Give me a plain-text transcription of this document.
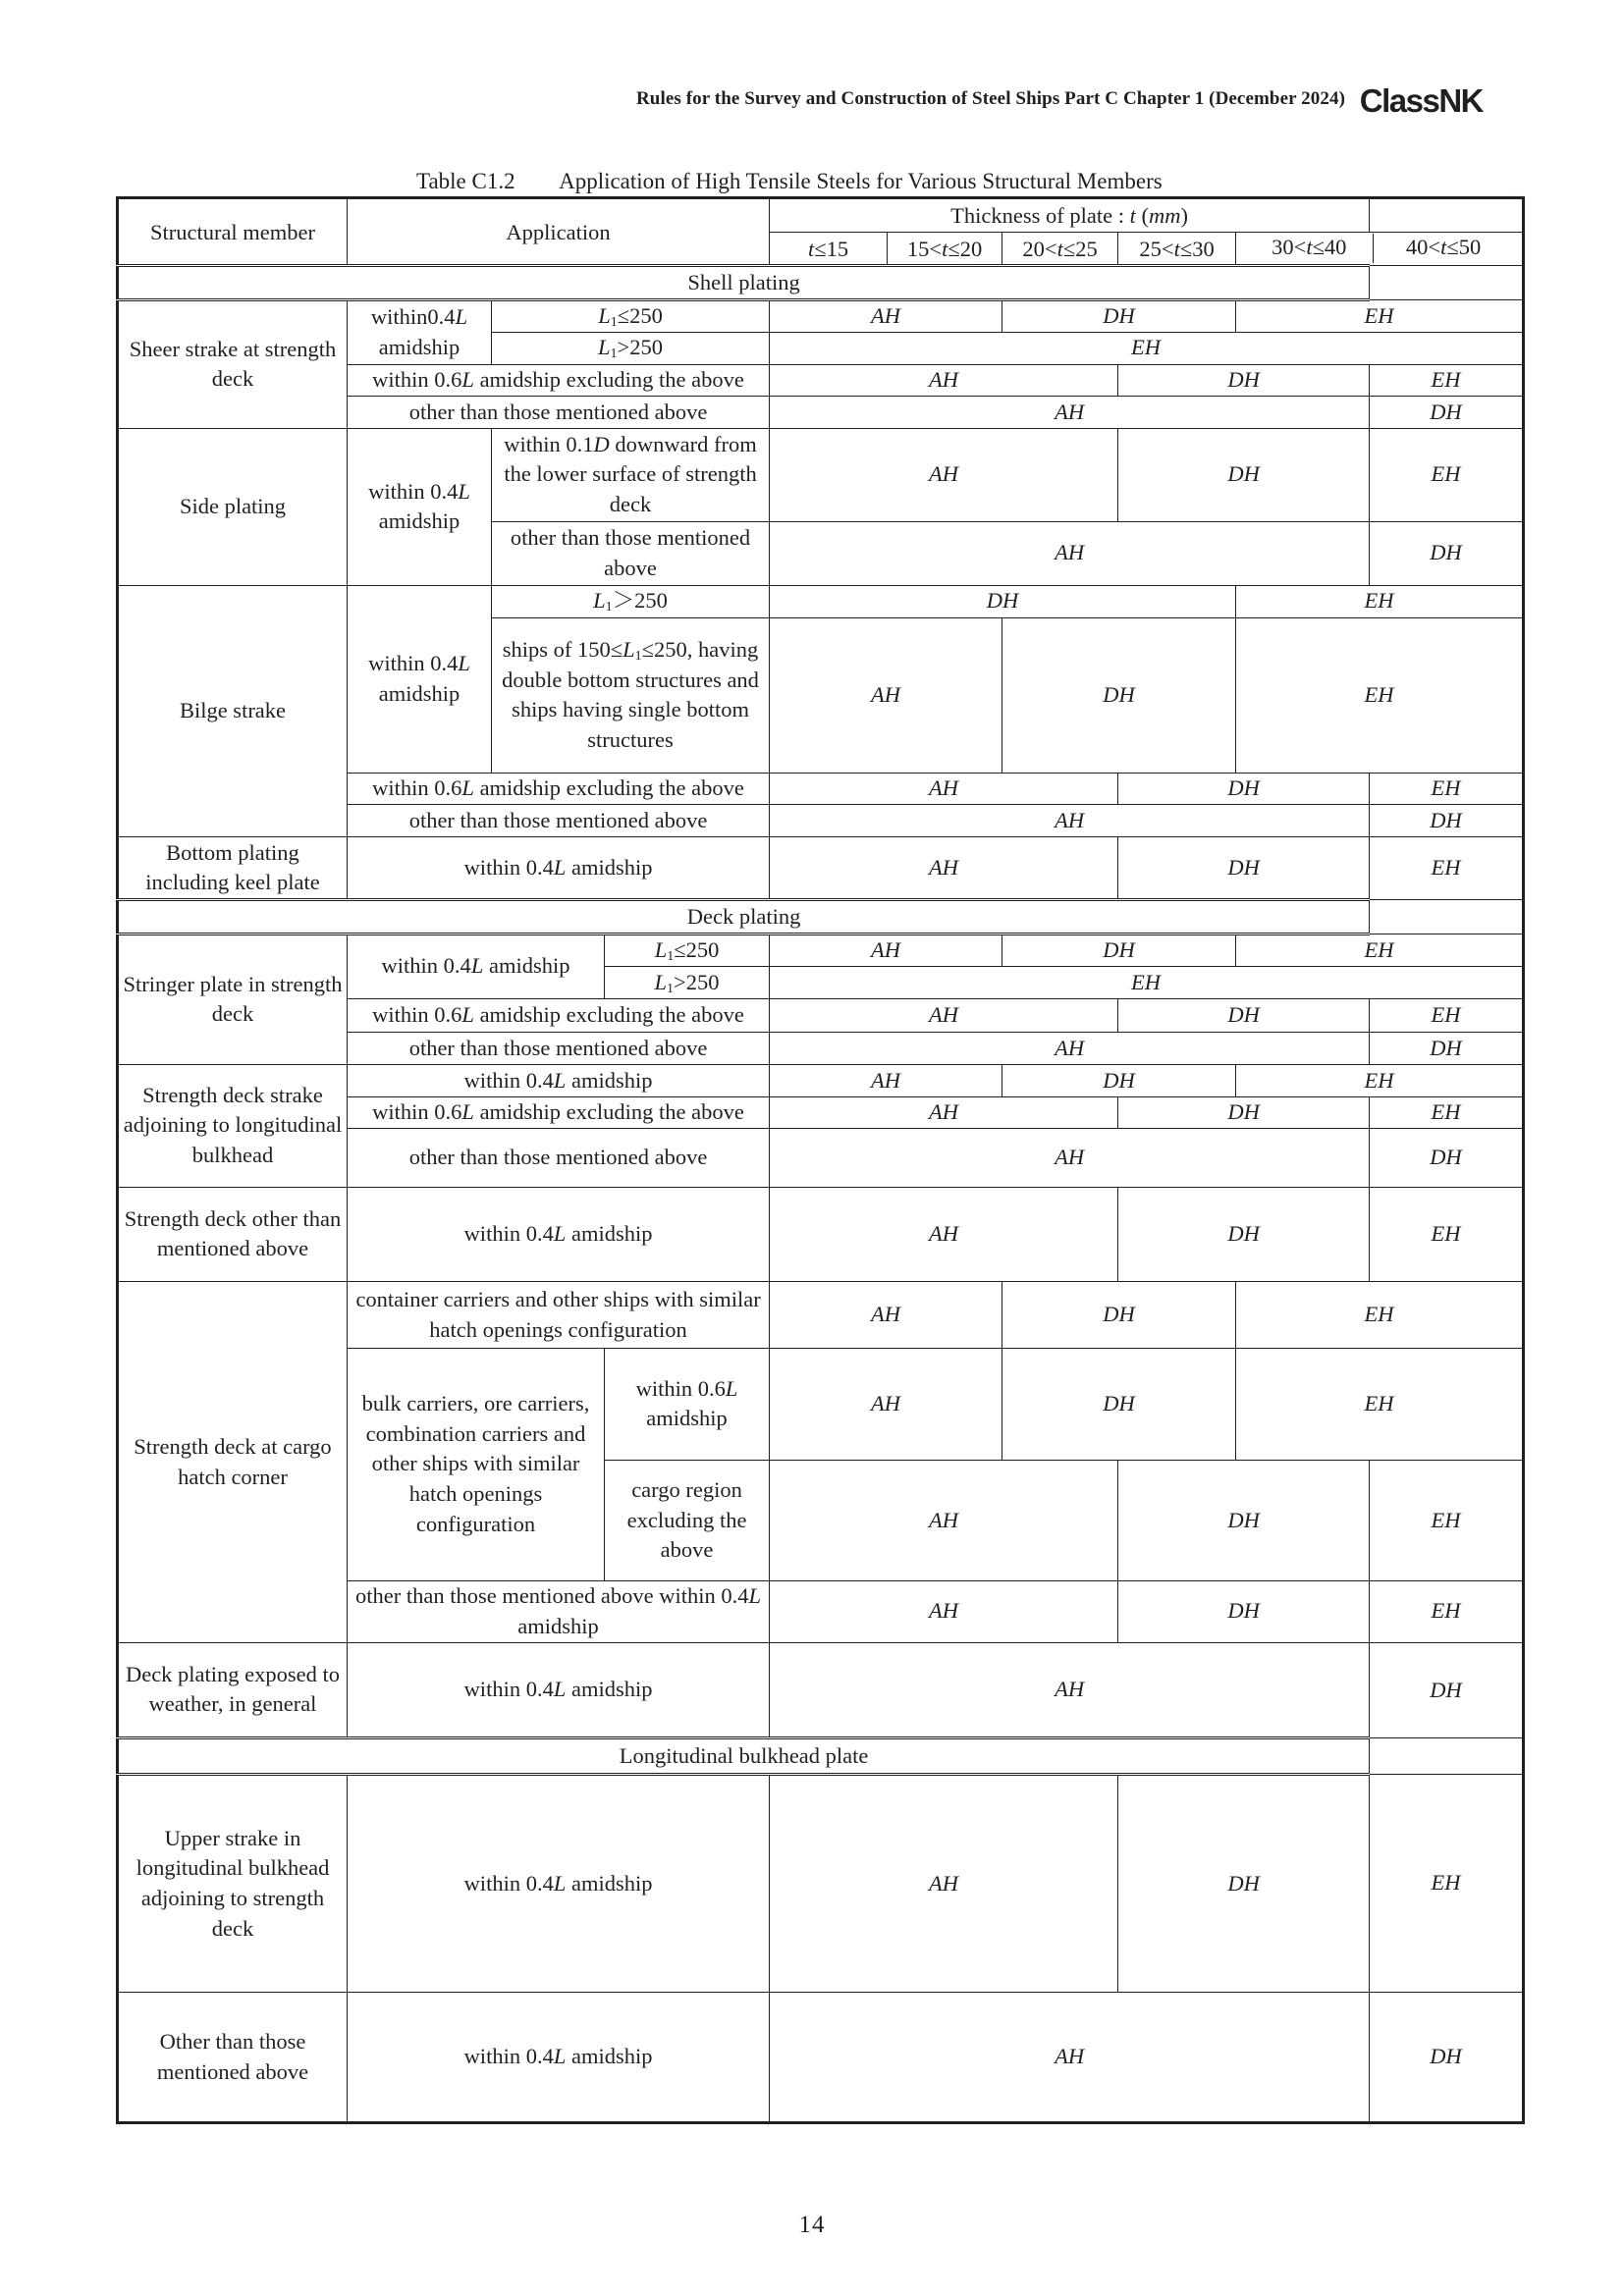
Rules for the Survey and Construction of Steel Ships Part C Chapter 1 (December 2024) ClassNK
Table C1.2 Application of High Tensile Steels for Various Structural Members
Structural member	Application			Thickness of plate : t (mm)					
				t≤15	15<t≤20	20<t≤25	25<t≤30	30<t≤40 40<t≤50	
Shell plating									
Sheer strake at strength deck	within0.4L amidship	$L_1\le 250$		AH		DH		EH	
		$L_1>250$		EH					
	within 0.6L amidship excluding the above			AH			DH		EH
	other than those mentioned above			AH					DH
Side plating	within 0.4L amidship	within 0.1D downward from the lower surface of strength deck		AH			DH		EH
		other than those mentioned above		AH					DH
Bilge strake	within 0.4L amidship	$L_1>250$		DH				EH	
		ships of $150\le L_1\le 250$, having double bottom structures and ships having single bottom structures		AH		DH		EH	
	within 0.6L amidship excluding the above			AH			DH		EH
	other than those mentioned above			AH					DH
Bottom plating including keel plate	within 0.4L amidship			AH			DH		EH
Deck plating									
Stringer plate in strength deck	within 0.4L amidship		$L_1\le 250$	AH		DH		EH	
			$L_1>250$	EH					
	within 0.6L amidship excluding the above			AH			DH		EH
	other than those mentioned above			AH					DH
Strength deck strake adjoining to longitudinal bulkhead	within 0.4L amidship			AH		DH		EH	
	within 0.6L amidship excluding the above			AH			DH		EH
	other than those mentioned above			AH					DH
Strength deck other than mentioned above	within 0.4L amidship			AH			DH		EH
Strength deck at cargo hatch corner	container carriers and other ships with similar hatch openings configuration			AH		DH		EH	
	bulk carriers, ore carriers, combination carriers and other ships with similar hatch openings configuration		within 0.6L amidship	AH		DH		EH	
			cargo region excluding the above	AH			DH		EH
	other than those mentioned above within 0.4L amidship			AH			DH		EH
Deck plating exposed to weather, in general	within 0.4L amidship			AH					DH
Longitudinal bulkhead plate									
Upper strake in longitudinal bulkhead adjoining to strength deck	within 0.4L amidship			AH			DH		EH
Other than those mentioned above	within 0.4L amidship			AH					DH
14
